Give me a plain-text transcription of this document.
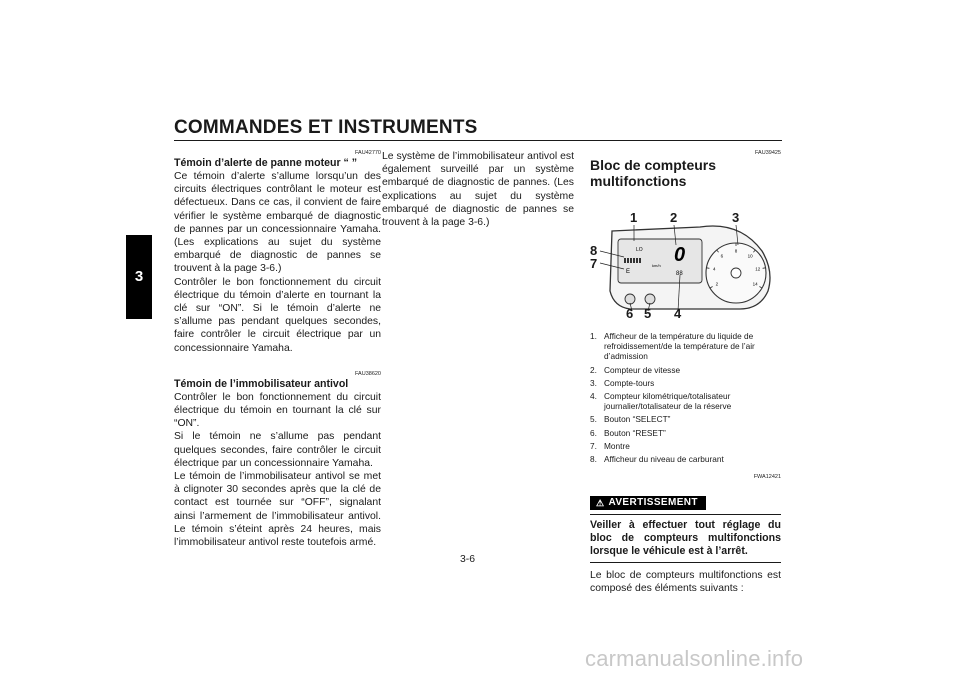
COMMANDES ET INSTRUMENTS
3
FAU42770
Témoin d’alerte de panne moteur “ ”

Ce témoin d’alerte s’allume lorsqu’un des circuits électriques contrôlant le moteur est défectueux. Dans ce cas, il convient de faire vérifier le système embarqué de diagnostic de pannes par un concessionnaire Yamaha. (Les explications au sujet du système embarqué de diagnostic de pannes se trouvent à la page 3-6.)

Contrôler le bon fonctionnement du circuit électrique du témoin d’alerte en tournant la clé sur “ON”. Si le témoin d’alerte ne s’allume pas pendant quelques secondes, faire contrôler le circuit électrique par un concessionnaire Yamaha.

FAU38620
Témoin de l’immobilisateur antivol

Contrôler le bon fonctionnement du circuit électrique du témoin en tournant la clé sur “ON”.

Si le témoin ne s’allume pas pendant quelques secondes, faire contrôler le circuit électrique par un concessionnaire Yamaha.

Le témoin de l’immobilisateur antivol se met à clignoter 30 secondes après que la clé de contact est tournée sur “OFF”, signalant ainsi l’armement de l’immobilisateur antivol. Le témoin s’éteint après 24 heures, mais l’immobilisateur antivol reste toutefois armé.

Le système de l’immobilisateur antivol est également surveillé par un système embarqué de diagnostic de pannes. (Les explications au sujet du système embarqué de diagnostic de pannes se trouvent à la page 3-6.)

FAU39425
Bloc de compteurs multifonctions
LO
E
0
km/h
88
2
4
6
8
10
12
14
1	2	3
8
7
6 5 4
1. Afficheur de la température du liquide de refroidissement/de la température de l’air d’admission
2. Compteur de vitesse
3. Compte-tours
4. Compteur kilométrique/totalisateur journalier/totalisateur de la réserve
5. Bouton “SELECT”
6. Bouton “RESET”
7. Montre
8. Afficheur du niveau de carburant
FWA12421
⚠ AVERTISSEMENT
Veiller à effectuer tout réglage du bloc de compteurs multifonctions lorsque le véhicule est à l’arrêt.

Le bloc de compteurs multifonctions est composé des éléments suivants :

3-6
carmanualsonline.info
